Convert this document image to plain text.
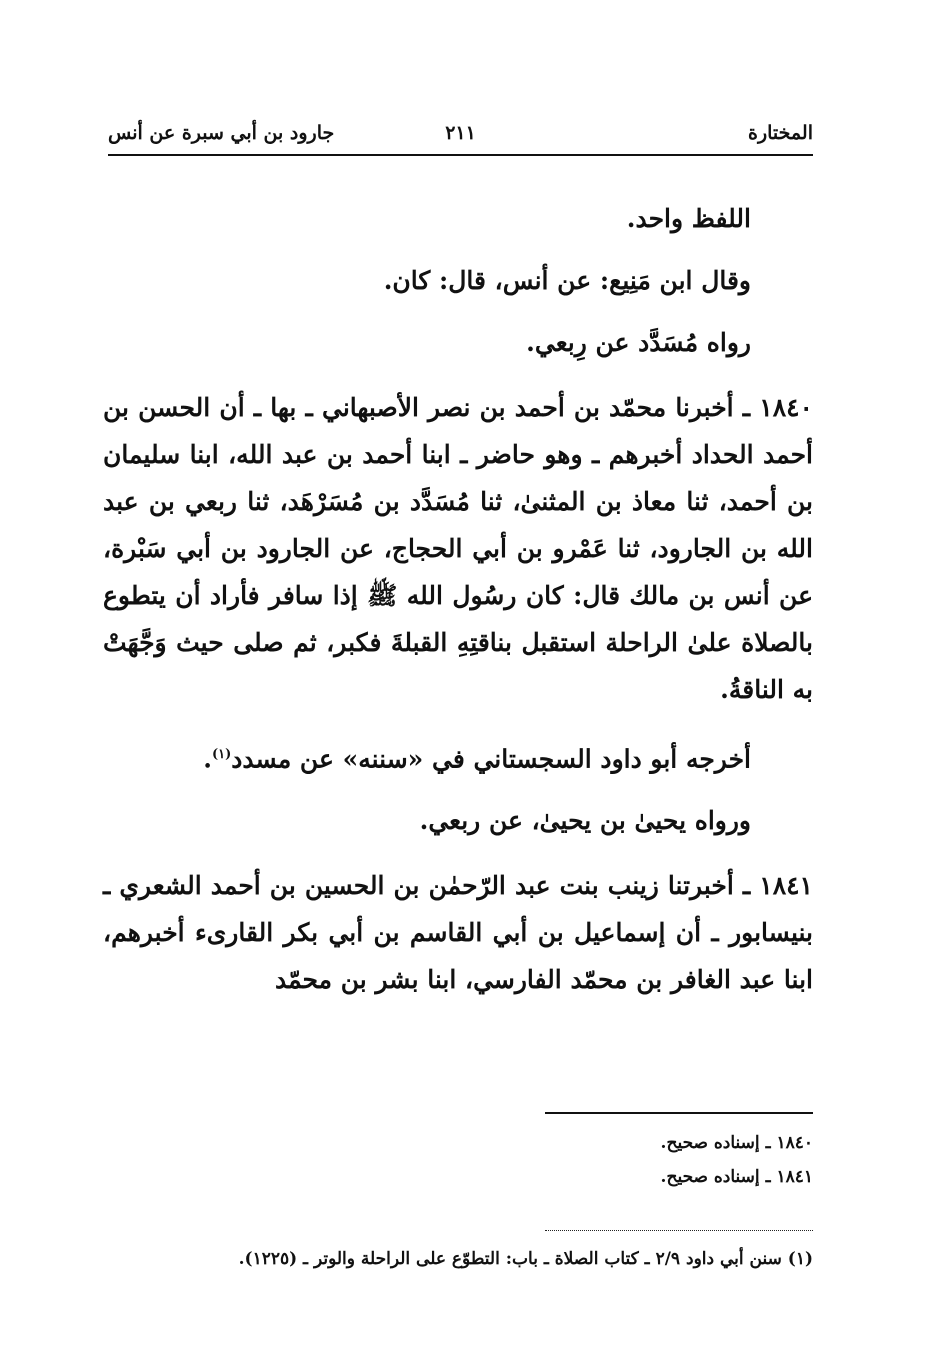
المختارة
٢١١
جارود بن أبي سبرة عن أنس

اللفظ واحد.

وقال ابن مَنِيع: عن أنس، قال: كان.

رواه مُسَدَّد عن رِبعي.

١٨٤٠ ـ أخبرنا محمّد بن أحمد بن نصر الأصبهاني ـ بها ـ أن الحسن بن أحمد الحداد أخبرهم ـ وهو حاضر ـ ابنا أحمد بن عبد الله، ابنا سليمان بن أحمد، ثنا معاذ بن المثنىٰ، ثنا مُسَدَّد بن مُسَرْهَد، ثنا ربعي بن عبد الله بن الجارود، ثنا عَمْرو بن أبي الحجاج، عن الجارود بن أبي سَبْرة، عن أنس بن مالك قال: كان رسُول الله ﷺ إذا سافر فأراد أن يتطوع بالصلاة علىٰ الراحلة استقبل بناقتِهِ القبلةَ فكبر، ثم صلى حيث وَجَّهَتْ به الناقةُ.

أخرجه أبو داود السجستاني في «سننه» عن مسدد$^{(١)}$.

ورواه يحيىٰ بن يحيىٰ، عن ربعي.

١٨٤١ ـ أخبرتنا زينب بنت عبد الرّحمٰن بن الحسين بن أحمد الشعري ـ بنيسابور ـ أن إسماعيل بن أبي القاسم بن أبي بكر القارىء أخبرهم، ابنا عبد الغافر بن محمّد الفارسي، ابنا بشر بن محمّد

١٨٤٠ ـ إسناده صحيح.

١٨٤١ ـ إسناده صحيح.

(١) سنن أبي داود ٢/٩ ـ كتاب الصلاة ـ باب: التطوّع على الراحلة والوتر ـ (١٢٢٥).
